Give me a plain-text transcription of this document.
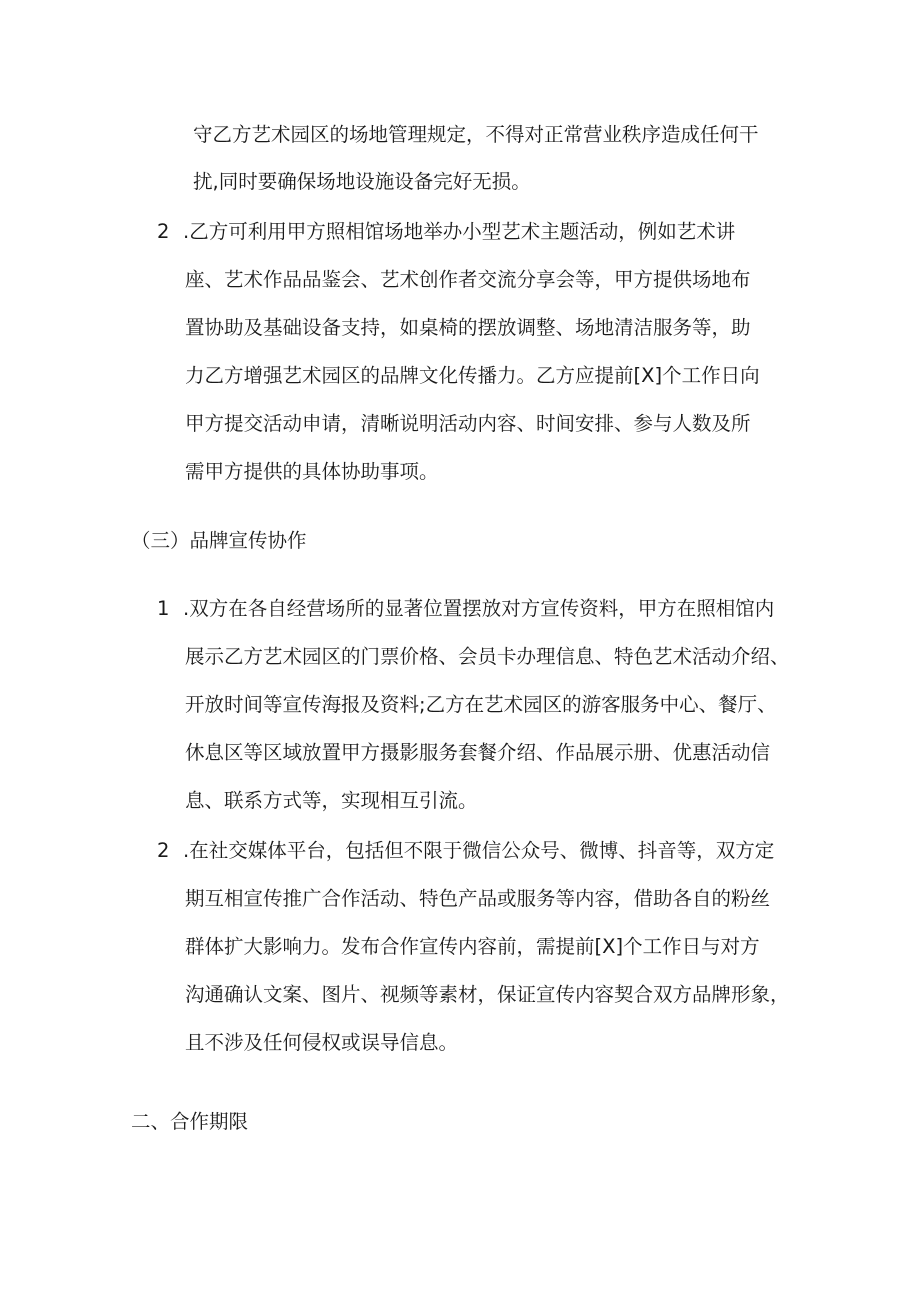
守乙方艺术园区的场地管理规定，不得对正常营业秩序造成任何干

扰,同时要确保场地设施设备完好无损。

2 .乙方可利用甲方照相馆场地举办小型艺术主题活动，例如艺术讲

座、艺术作品品鉴会、艺术创作者交流分享会等，甲方提供场地布

置协助及基础设备支持，如桌椅的摆放调整、场地清洁服务等，助

力乙方增强艺术园区的品牌文化传播力。乙方应提前[X]个工作日向

甲方提交活动申请，清晰说明活动内容、时间安排、参与人数及所

需甲方提供的具体协助事项。

（三）品牌宣传协作

1 .双方在各自经营场所的显著位置摆放对方宣传资料，甲方在照相馆内

展示乙方艺术园区的门票价格、会员卡办理信息、特色艺术活动介绍、

开放时间等宣传海报及资料;乙方在艺术园区的游客服务中心、餐厅、

休息区等区域放置甲方摄影服务套餐介绍、作品展示册、优惠活动信

息、联系方式等，实现相互引流。

2 .在社交媒体平台，包括但不限于微信公众号、微博、抖音等，双方定

期互相宣传推广合作活动、特色产品或服务等内容，借助各自的粉丝

群体扩大影响力。发布合作宣传内容前，需提前[X]个工作日与对方

沟通确认文案、图片、视频等素材，保证宣传内容契合双方品牌形象，

且不涉及任何侵权或误导信息。

二、合作期限
